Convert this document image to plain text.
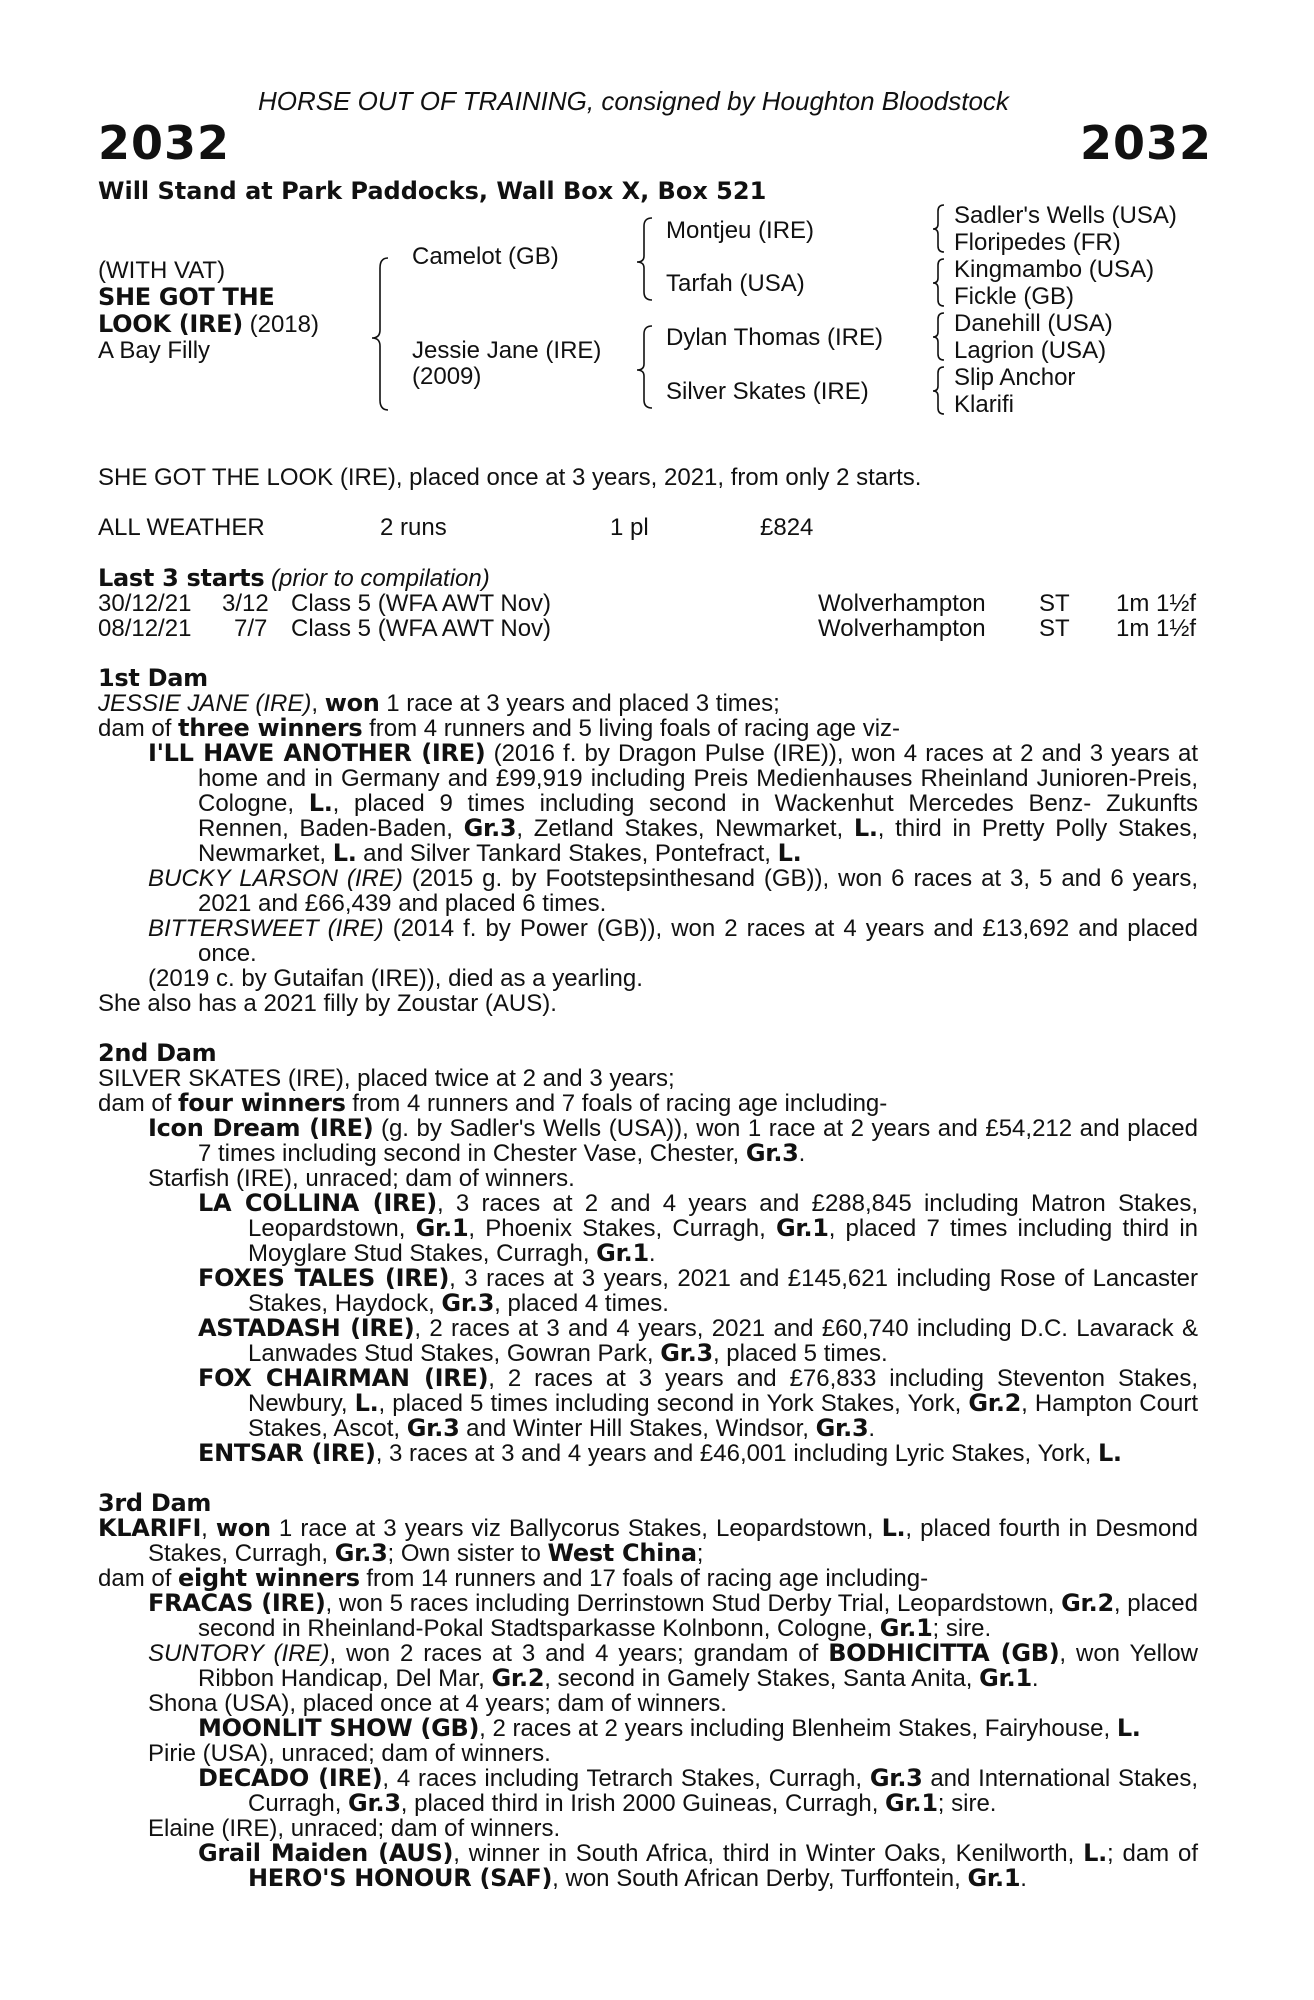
HORSE OUT OF TRAINING, consigned by Houghton Bloodstock
2032	2032
Will Stand at Park Paddocks, Wall Box X, Box 521
(WITH VAT)
SHE GOT THE
LOOK (IRE) (2018)
A Bay Filly
Camelot (GB)
Jessie Jane (IRE)
(2009)
Montjeu (IRE)
Tarfah (USA)
Dylan Thomas (IRE)
Silver Skates (IRE)
Sadler's Wells (USA)
Floripedes (FR)
Kingmambo (USA)
Fickle (GB)
Danehill (USA)
Lagrion (USA)
Slip Anchor
Klarifi
SHE GOT THE LOOK (IRE), placed once at 3 years, 2021, from only 2 starts.
ALL WEATHER	2 runs	1 pl	£824
Last 3 starts (prior to compilation)
30/12/21 3/12 Class 5 (WFA AWT Nov)	Wolverhampton ST 1m 1½f
08/12/21 7/7 Class 5 (WFA AWT Nov)	Wolverhampton ST 1m 1½f
1st Dam
JESSIE JANE (IRE), won 1 race at 3 years and placed 3 times;
dam of three winners from 4 runners and 5 living foals of racing age viz-
I'LL HAVE ANOTHER (IRE) (2016 f. by Dragon Pulse (IRE)), won 4 races at 2 and 3 years at home and in Germany and £99,919 including Preis Medienhauses Rheinland Junioren-Preis, Cologne, L., placed 9 times including second in Wackenhut Mercedes Benz- Zukunfts Rennen, Baden-Baden, Gr.3, Zetland Stakes, Newmarket, L., third in Pretty Polly Stakes, Newmarket, L. and Silver Tankard Stakes, Pontefract, L.
BUCKY LARSON (IRE) (2015 g. by Footstepsinthesand (GB)), won 6 races at 3, 5 and 6 years, 2021 and £66,439 and placed 6 times.
BITTERSWEET (IRE) (2014 f. by Power (GB)), won 2 races at 4 years and £13,692 and placed once.
(2019 c. by Gutaifan (IRE)), died as a yearling.
She also has a 2021 filly by Zoustar (AUS).
2nd Dam
SILVER SKATES (IRE), placed twice at 2 and 3 years;
dam of four winners from 4 runners and 7 foals of racing age including-
Icon Dream (IRE) (g. by Sadler's Wells (USA)), won 1 race at 2 years and £54,212 and placed 7 times including second in Chester Vase, Chester, Gr.3.
Starfish (IRE), unraced; dam of winners.
LA COLLINA (IRE), 3 races at 2 and 4 years and £288,845 including Matron Stakes, Leopardstown, Gr.1, Phoenix Stakes, Curragh, Gr.1, placed 7 times including third in Moyglare Stud Stakes, Curragh, Gr.1.
FOXES TALES (IRE), 3 races at 3 years, 2021 and £145,621 including Rose of Lancaster Stakes, Haydock, Gr.3, placed 4 times.
ASTADASH (IRE), 2 races at 3 and 4 years, 2021 and £60,740 including D.C. Lavarack & Lanwades Stud Stakes, Gowran Park, Gr.3, placed 5 times.
FOX CHAIRMAN (IRE), 2 races at 3 years and £76,833 including Steventon Stakes, Newbury, L., placed 5 times including second in York Stakes, York, Gr.2, Hampton Court Stakes, Ascot, Gr.3 and Winter Hill Stakes, Windsor, Gr.3.
ENTSAR (IRE), 3 races at 3 and 4 years and £46,001 including Lyric Stakes, York, L.
3rd Dam
KLARIFI, won 1 race at 3 years viz Ballycorus Stakes, Leopardstown, L., placed fourth in Desmond Stakes, Curragh, Gr.3; Own sister to West China;
dam of eight winners from 14 runners and 17 foals of racing age including-
FRACAS (IRE), won 5 races including Derrinstown Stud Derby Trial, Leopardstown, Gr.2, placed second in Rheinland-Pokal Stadtsparkasse Kolnbonn, Cologne, Gr.1; sire.
SUNTORY (IRE), won 2 races at 3 and 4 years; grandam of BODHICITTA (GB), won Yellow Ribbon Handicap, Del Mar, Gr.2, second in Gamely Stakes, Santa Anita, Gr.1.
Shona (USA), placed once at 4 years; dam of winners.
MOONLIT SHOW (GB), 2 races at 2 years including Blenheim Stakes, Fairyhouse, L.
Pirie (USA), unraced; dam of winners.
DECADO (IRE), 4 races including Tetrarch Stakes, Curragh, Gr.3 and International Stakes, Curragh, Gr.3, placed third in Irish 2000 Guineas, Curragh, Gr.1; sire.
Elaine (IRE), unraced; dam of winners.
Grail Maiden (AUS), winner in South Africa, third in Winter Oaks, Kenilworth, L.; dam of HERO'S HONOUR (SAF), won South African Derby, Turffontein, Gr.1.
